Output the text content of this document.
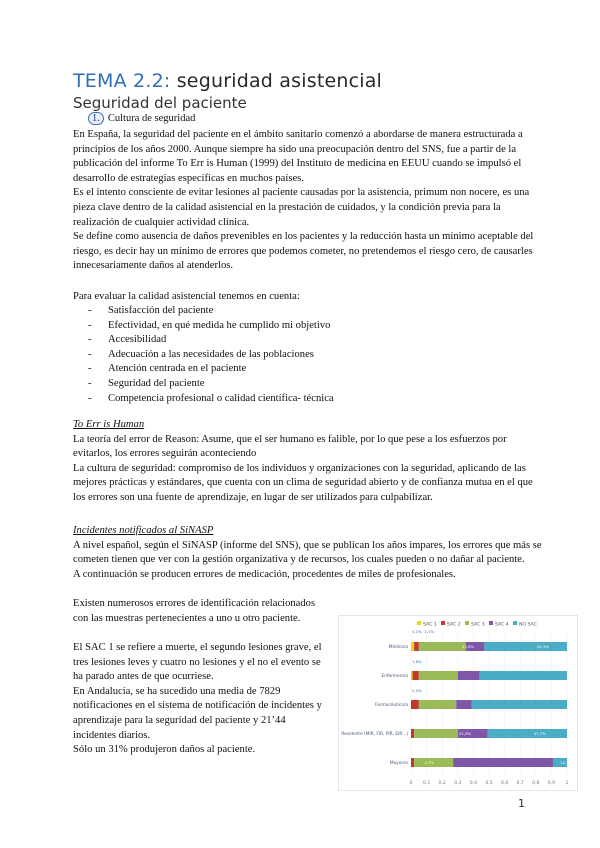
TEMA 2.2: seguridad asistencial
Seguridad del paciente
1. Cultura de seguridad

En España, la seguridad del paciente en el ámbito sanitario comenzó a abordarse de manera estructurada a principios de los años 2000. Aunque siempre ha sido una preocupación dentro del SNS, fue a partir de la publicación del informe To Err is Human (1999) del Instituto de medicina en EEUU cuando se impulsó el desarrollo de estrategias específicas en muchos países.

Es el intento consciente de evitar lesiones al paciente causadas por la asistencia, primum non nocere, es una pieza clave dentro de la calidad asistencial en la prestación de cuidados, y la condición previa para la realización de cualquier actividad clínica.

Se define como ausencia de daños prevenibles en los pacientes y la reducción hasta un mínimo aceptable del riesgo, es decir hay un mínimo de errores que podemos cometer, no pretendemos el riesgo cero, de causarles innecesariamente daños al atenderlos.

Para evaluar la calidad asistencial tenemos en cuenta:

- Satisfacción del paciente
- Efectividad, en qué medida he cumplido mi objetivo
- Accesibilidad
- Adecuación a las necesidades de las poblaciones
- Atención centrada en el paciente
- Seguridad del paciente
- Competencia profesional o calidad científica- técnica

To Err is Human

La teoría del error de Reason: Asume, que el ser humano es falible, por lo que pese a los esfuerzos por evitarlos, los errores seguirán aconteciendo

La cultura de seguridad: compromiso de los individuos y organizaciones con la seguridad, aplicando de las mejores prácticas y estándares, que cuenta con un clima de seguridad abierto y de confianza mutua en el que los errores son una fuente de aprendizaje, en lugar de ser utilizados para culpabilizar.

Incidentes notificados al SiNASP

A nivel español, según el SiNASP (informe del SNS), que se publican los años impares, los errores que más se cometen tienen que ver con la gestión organizativa y de recursos, los cuales pueden o no dañar al paciente.

A continuación se producen errores de medicación, procedentes de miles de profesionales.

Existen numerosos errores de identificación relacionados con las muestras pertenecientes a uno u otro paciente.

El SAC 1 se refiere a muerte, el segundo lesiones grave, el tres lesiones leves y cuatro no lesiones y el no el evento se ha parado antes de que ocurriese.

En Andalucía, se ha sucedido una media de 7829 notificaciones en el sistema de notificación de incidentes y aprendizaje para la seguridad del paciente y 21’44 incidentes diarios.

Sólo un 31% produjeron daños al paciente.

SAC 1 SAC 2 SAC 3 SAC 4 NO SAC
0 0,1 0,2 0,3 0,4 0,5 0,6 0,7 0,8 0,9 1
Médico/a
Enfermero/a
Farmacéutico/a
Residente (MIR, FIR, PIR, EIR...)
Mayores
4,1% 2,1%
1,6%
2,0%
33,5%	45,3%
22,3%	47,7%
12,7%
4,7%
1
